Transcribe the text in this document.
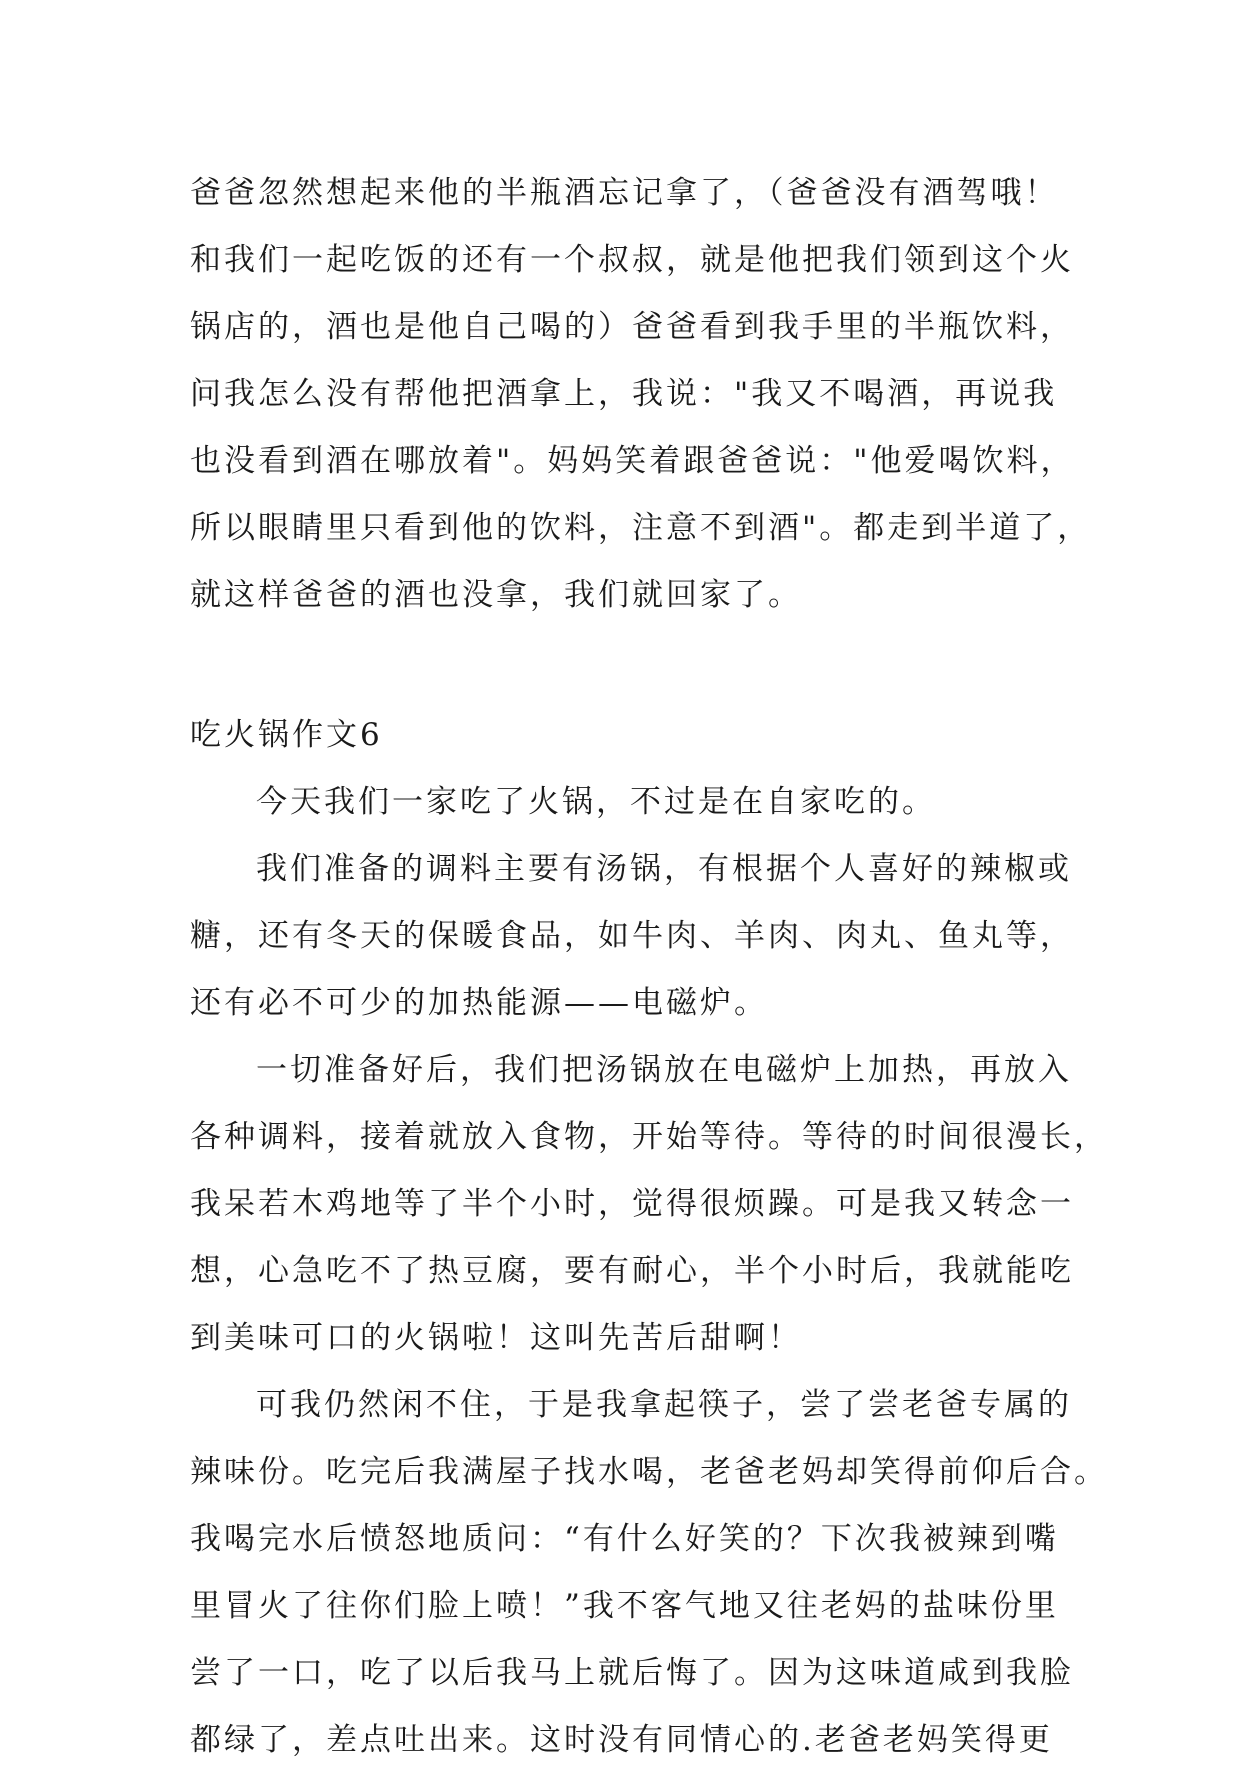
爸爸忽然想起来他的半瓶酒忘记拿了，（爸爸没有酒驾哦！
和我们一起吃饭的还有一个叔叔，就是他把我们领到这个火
锅店的，酒也是他自己喝的）爸爸看到我手里的半瓶饮料，
问我怎么没有帮他把酒拿上，我说："我又不喝酒，再说我
也没看到酒在哪放着"。妈妈笑着跟爸爸说："他爱喝饮料，
所以眼睛里只看到他的饮料，注意不到酒"。都走到半道了，
就这样爸爸的酒也没拿，我们就回家了。
吃火锅作文6
今天我们一家吃了火锅，不过是在自家吃的。
我们准备的调料主要有汤锅，有根据个人喜好的辣椒或
糖，还有冬天的保暖食品，如牛肉、羊肉、肉丸、鱼丸等，
还有必不可少的加热能源——电磁炉。
一切准备好后，我们把汤锅放在电磁炉上加热，再放入
各种调料，接着就放入食物，开始等待。等待的时间很漫长，
我呆若木鸡地等了半个小时，觉得很烦躁。可是我又转念一
想，心急吃不了热豆腐，要有耐心，半个小时后，我就能吃
到美味可口的火锅啦！这叫先苦后甜啊！
可我仍然闲不住，于是我拿起筷子，尝了尝老爸专属的
辣味份。吃完后我满屋子找水喝，老爸老妈却笑得前仰后合。
我喝完水后愤怒地质问：“有什么好笑的？下次我被辣到嘴
里冒火了往你们脸上喷！”我不客气地又往老妈的盐味份里
尝了一口，吃了以后我马上就后悔了。因为这味道咸到我脸
都绿了，差点吐出来。这时没有同情心的.老爸老妈笑得更
